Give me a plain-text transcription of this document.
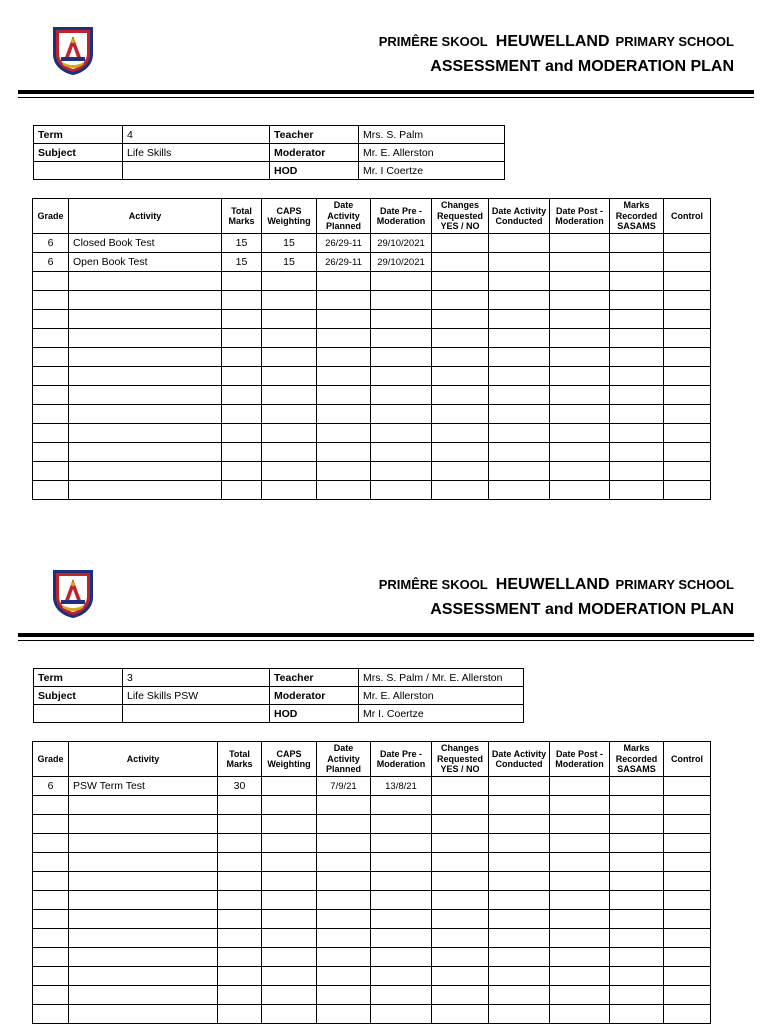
PRIMÊRE SKOOL HEUWELLAND PRIMARY SCHOOL
ASSESSMENT and MODERATION PLAN
Term	4	Teacher	Mrs. S. Palm
Subject	Life Skills	Moderator	Mr. E. Allerston
		HOD	Mr. I Coertze
Grade	Activity	Total Marks	CAPS Weighting	Date Activity Planned	Date Pre - Moderation	Changes Requested YES / NO	Date Activity Conducted	Date Post - Moderation	Marks Recorded SASAMS	Control
6	Closed Book Test	15	15	26/29-11	29/10/2021					
6	Open Book Test	15	15	26/29-11	29/10/2021					

PRIMÊRE SKOOL HEUWELLAND PRIMARY SCHOOL
ASSESSMENT and MODERATION PLAN
Term	3	Teacher	Mrs. S. Palm / Mr. E. Allerston
Subject	Life Skills PSW	Moderator	Mr. E. Allerston
		HOD	Mr I. Coertze
Grade	Activity	Total Marks	CAPS Weighting	Date Activity Planned	Date Pre - Moderation	Changes Requested YES / NO	Date Activity Conducted	Date Post - Moderation	Marks Recorded SASAMS	Control
6	PSW Term Test	30		7/9/21	13/8/21					
